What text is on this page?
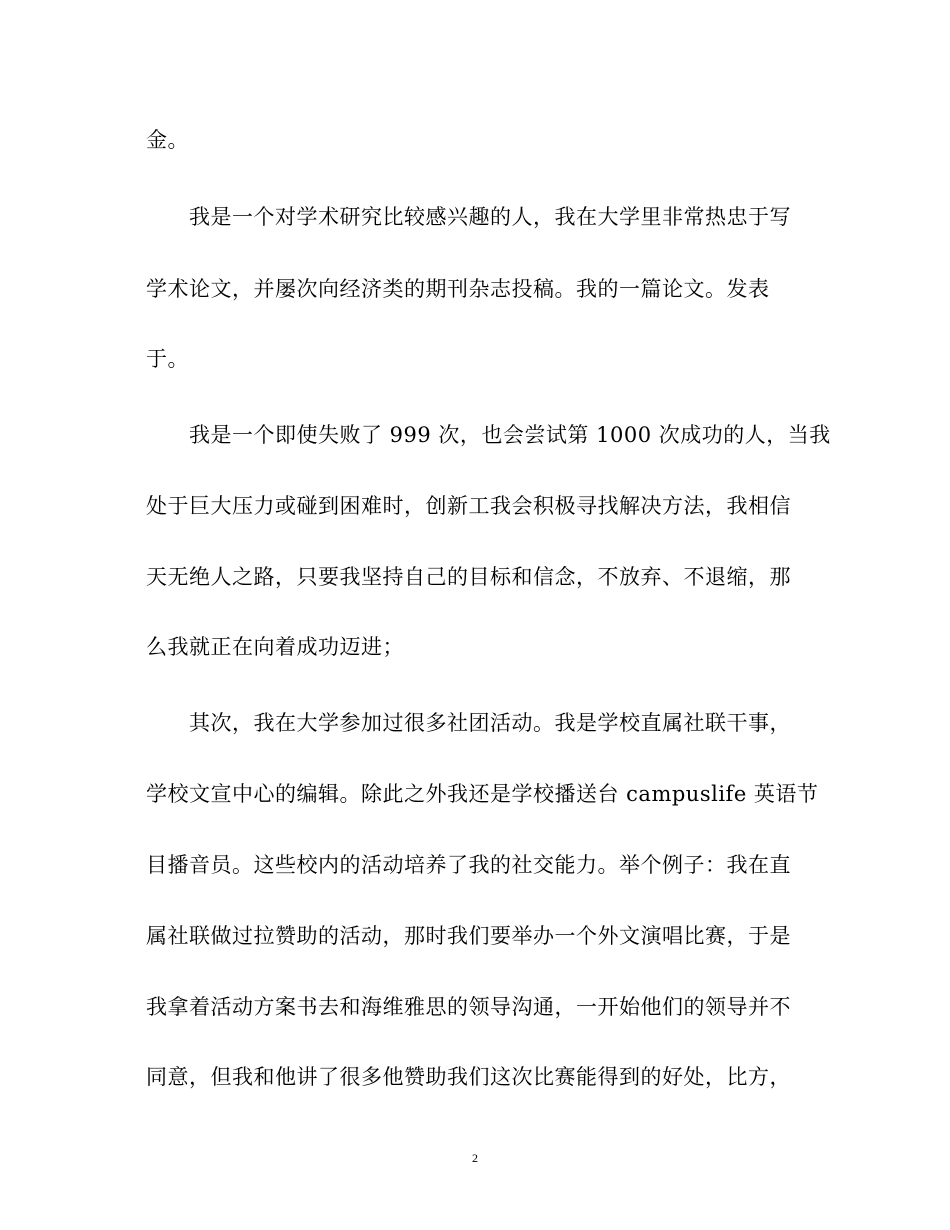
金。
　　我是一个对学术研究比较感兴趣的人，我在大学里非常热忠于写
学术论文，并屡次向经济类的期刊杂志投稿。我的一篇论文。发表
于。
　　我是一个即使失败了 999 次，也会尝试第 1000 次成功的人，当我
处于巨大压力或碰到困难时，创新工我会积极寻找解决方法，我相信
天无绝人之路，只要我坚持自己的目标和信念，不放弃、不退缩，那
么我就正在向着成功迈进；
　　其次，我在大学参加过很多社团活动。我是学校直属社联干事，
学校文宣中心的编辑。除此之外我还是学校播送台 campuslife 英语节
目播音员。这些校内的活动培养了我的社交能力。举个例子：我在直
属社联做过拉赞助的活动，那时我们要举办一个外文演唱比赛，于是
我拿着活动方案书去和海维雅思的领导沟通，一开始他们的领导并不
同意，但我和他讲了很多他赞助我们这次比赛能得到的好处，比方，
2
